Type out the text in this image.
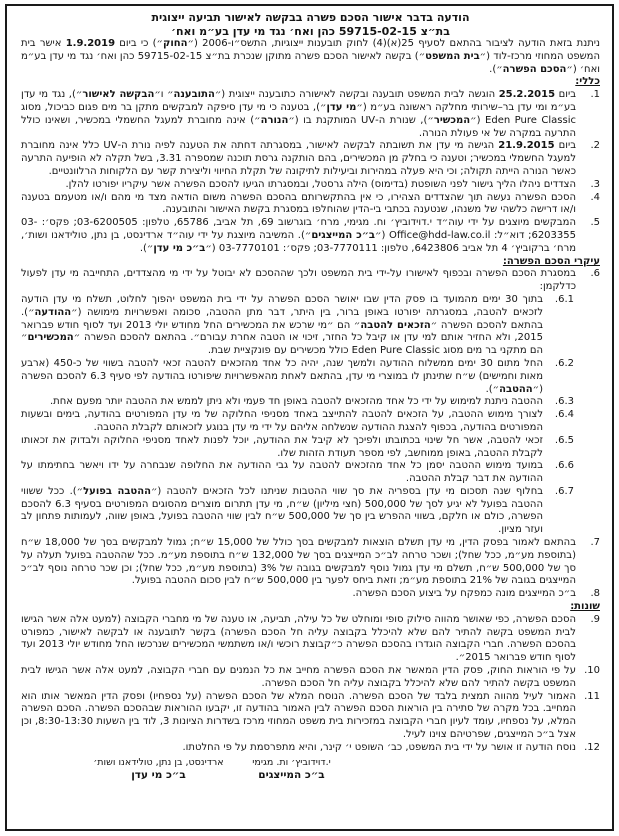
הודעה בדבר אישור הסכם פשרה בבקשה לאישור תביעה ייצוגית
בת״צ 59715-02-15 כהן ואח׳ נגד מי עדן בע״מ ואח׳
ניתנת בזאת הודעה לציבור בהתאם לסעיף 25(א)(4) לחוק תובענות ייצוגיות, התשס״ו-2006 (״החוק״) כי ביום 1.9.2019 אישר בית המשפט המחוזי מרכז-לוד (״בית המשפט״) בקשה לאישור הסכם פשרה מתוקן שנכרת בת״צ 59715-02-15 כהן ואח׳ נגד מי עדן בע״מ ואח׳ (״הסכם הפשרה״).
כללי:
1.
ביום 25.2.2015 הוגשה לבית המשפט תובענה ובקשה לאישורה כתובענה ייצוגית (״התובענה״ ו״הבקשה לאישור״), נגד מי עדן בע״מ ומי עדן בר–שירותי מחלקה ראשונה בע״מ (״מי עדן״), בטענה כי מי עדן סיפקה למבקשים מתקן בר מים פגום כביכול, מסוג Eden Pure Classic (״המכשיר״), שנורת ה-UV המותקנת בו (״הנורה״) אינה מחוברת למעגל החשמלי במכשיר, ושאינו כולל התרעה במקרה של אי פעולת הנורה.
2.
ביום 21.9.2015 הגישה מי עדן את תשובתה לבקשה לאישור, במסגרתה דחתה את הטענה לפיה נורת ה-UV כלל אינה מחוברת למעגל החשמלי במכשיר; וטענה כי בחלק מן המכשירים, בהם הותקנה גרסת תוכנה שמספרה 3.31, בשל תקלה לא הופיעה התרעה כאשר הנורה הייתה תקולה; וכי היא פעלה במהירות וביעילות לתיקונה של תקלת החיווי וליצירת קשר עם הלקוחות הרלוונטיים.
3.
הצדדים ניהלו הליך גישור לפני השופטת (בדימוס) הילה גרסטל, ובמסגרתו הגיעו להסכם הפשרה אשר עיקריו יפורטו להלן.
4.
הסכם הפשרה נעשה תוך שהצדדים הצהירו, כי אין בהתקשרותם בהסכם הפשרה משום הודאה מצד מי מהם ו/או מטעמם בטענה ו/או דרישה כלשהי של משנהו, שנטענה בכתבי בי-הדין שהוחלפו במסגרת בקשת האישור והתובענה.
5.
המבקשים מיוצגים על ידי עוה״ד י.דוידוביץ׳ וח. מגימי, מרח׳ בוגרשוב 69, תל אביב, 65786, טלפון: 03-6200505; פקס׳: 03-6203355; דוא״ל: Office@hdd-law.co.il (״ב״כ המייצגים״). המשיבה מיוצגת על ידי עוה״ד ארדינסט, בן נתן, טולידאנו ושות׳, מרח׳ ברקוביץ׳ 4 תל אביב 6423806, טלפון: 03-7770111; פקס׳: 03-7770101 (״ב״כ מי עדן״).
עיקרי הסכם הפשרה:
6.
במסגרת הסכם הפשרה ובכפוף לאישורו על-ידי בית המשפט ולכך שההסכם לא יבוטל על ידי מי מהצדדים, התחייבה מי עדן לפעול כדלקמן:
6.1.
בתוך 30 ימים מהמועד בו פסק הדין שבו יאושר הסכם הפשרה על ידי בית המשפט יהפוך לחלוט, תשלח מי עדן הודעה לזכאים להטבה, במסגרתה יפורטו באופן ברור, בין היתר, דבר מתן ההטבה, סכומה ואפשרויות מימושה (״ההודעה״). בהתאם להסכם הפשרה ״הזכאים להטבה״ הם ״מי שרכש את המכשירים החל מחודש יולי 2013 ועד לסוף חודש פברואר 2015, ולא החזיר אותם למי עדן או קיבל כל החזר, זיכוי או הטבה אחרת עבורם״. בהתאם להסכם הפשרה ״המכשירים״ הם מתקני בר מים מסוג Eden Pure Classic כולל מכשירים עם פונקציית שבת.
6.2.
החל מתום 30 ימים ממשלוח ההודעה ולמשך שנה, יהיה כל אחד מהזכאים להטבה זכאי להטבה בשווי של כ-450 (ארבע מאות וחמישים) ש״ח שתינתן לו במוצרי מי עדן, בהתאם לאחת מהאפשרויות שיפורטו בהודעה לפי סעיף 6.3 להסכם הפשרה (״ההטבה״).
6.3.
ההטבה ניתנת למימוש על ידי כל אחד מהזכאים להטבה באופן חד פעמי ולא ניתן לממש את ההטבה יותר מפעם אחת.
6.4.
לצורך מימוש ההטבה, על הזכאים להטבה להתייצב באחד מסניפי החלוקה של מי עדן המפורטים בהודעה, בימים ובשעות המפורטים בהודעה, בכפוף להצגת ההודעה שנשלחה אליהם על ידי מי עדן בנוגע לזכאותם לקבלת ההטבה.
6.5.
זכאי להטבה, אשר חל שינוי בכתובתו ולפיכך לא קיבל את ההודעה, יוכל לפנות לאחד מסניפי החלוקה ולבדוק את זכאותו לקבלת ההטבה, באופן ממוחשב, לפי מספר תעודת הזהות שלו.
6.6.
במועד מימוש ההטבה יסמן כל אחד מהזכאים להטבה על גבי ההודעה את החלופה שנבחרה על ידו ויאשר בחתימתו על ההודעה את דבר קבלת ההטבה.
6.7.
בחלוף שנה תסכום מי עדן בספריה את סך שווי ההטבות שניתנו לכל הזכאים להטבה (״ההטבה בפועל״). ככל ששווי ההטבה בפועל לא יגיע לסך של 500,000 (חצי מיליון) ש״ח, מי עדן תתרום מוצרים מהסוגים המפורטים בסעיף 6.3 להסכם הפשרה, כולם או חלקם, בשווי ההפרש בין סך של 500,000 ש״ח לבין שווי ההטבה בפועל, באופן שווה, לעמותות פתחון לב ועזר מציון.
7.
בהתאם לאמור בפסק הדין, מי עדן תשלם הוצאות למבקשים בסך כולל של 15,000 ש״ח; גמול למבקשים בסך של 18,000 ש״ח (בתוספת מע״מ, ככל שחל); ושכר טרחה לב״כ המייצגים בסך של 132,000 ש״ח בתוספת מע״מ. ככל שההטבה בפועל תעלה על סך של 500,000 ש״ח, תשלם מי עדן גמול נוסף למבקשים בגובה של 3% (בתוספת מע״מ, ככל שחל); וכן שכר טרחה נוסף לב״כ המייצגים בגובה של 21% בתוספת מע״מ; וזאת ביחס לפער בין 500,000 ש״ח לבין סכום ההטבה בפועל.
8.
ב״כ המייצגים מונה כמפקח על ביצוע הסכם הפשרה.
שונות:
9.
הסכם הפשרה, כפי שאושר מהווה סילוק סופי ומוחלט של כל עילה, תביעה, או טענה של מי מחברי הקבוצה (למעט אלה אשר הגישו לבית המשפט בקשה להתיר להם שלא להיכלל בקבוצה עליה חל הסכם הפשרה) בקשר לתובענה או לבקשה לאישור, כמפורט בהסכם הפשרה. חברי הקבוצה הוגדרו בהסכם הפשרה כ״קבוצת רוכשי ו/או משתמשי המכשירים שנרכשו החל מחודש יולי 2013 ועד לסוף חודש פברואר 2015״.
10.
על פי הוראות החוק, פסק הדין המאשר את הסכם הפשרה מחייב את כל הנמנים עם חברי הקבוצה, למעט אלה אשר הגישו לבית המשפט בקשה להתיר להם שלא להיכלל בקבוצה עליה חל הסכם הפשרה.
11.
האמור לעיל מהווה תמצית בלבד של הסכם הפשרה. הנוסח המלא של הסכם הפשרה (על נספחיו) ופסק הדין המאשר אותו הוא המחייב. בכל מקרה של סתירה בין הוראות הסכם הפשרה לבין האמור בהודעה זו, יקבעו ההוראות שבהסכם הפשרה. הסכם הפשרה המלא, על נספחיו, עומד לעיון חברי הקבוצה במזכירות בית משפט המחוזי מרכז בשדרות הציונות 3, לוד בין השעות 8:30-13:30, וכן אצל ב״כ המייצגים, שפרטיהם צוינו לעיל.
12.
נוסח הודעה זו אושר על ידי בית המשפט, כב׳ השופט י׳ קינר, והיא מתפרסמת על פי החלטתו.
י.דוידוביץ׳ ות. מגימי
ב״כ המייצגים
ארדינסט, בן נתן, טולידאנו ושות׳
ב״כ מי עדן
